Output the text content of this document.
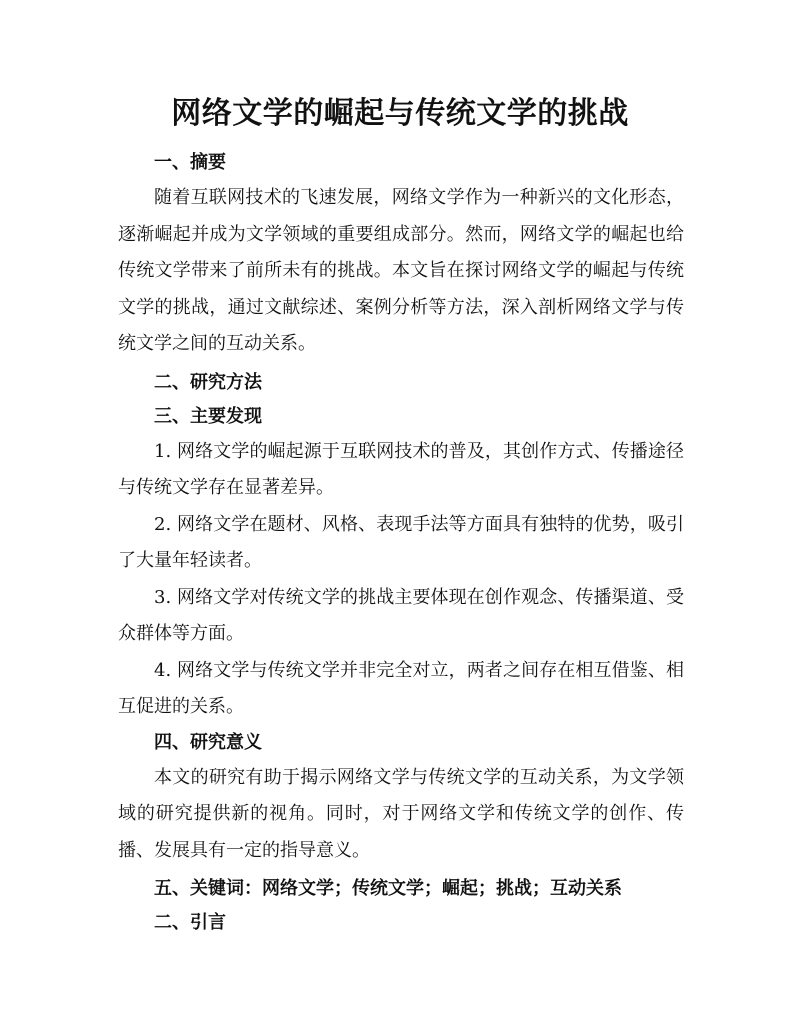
网络文学的崛起与传统文学的挑战

一、摘要

随着互联网技术的飞速发展，网络文学作为一种新兴的文化形态，逐渐崛起并成为文学领域的重要组成部分。然而，网络文学的崛起也给传统文学带来了前所未有的挑战。本文旨在探讨网络文学的崛起与传统文学的挑战，通过文献综述、案例分析等方法，深入剖析网络文学与传统文学之间的互动关系。

二、研究方法

三、主要发现

1. 网络文学的崛起源于互联网技术的普及，其创作方式、传播途径与传统文学存在显著差异。

2. 网络文学在题材、风格、表现手法等方面具有独特的优势，吸引了大量年轻读者。

3. 网络文学对传统文学的挑战主要体现在创作观念、传播渠道、受众群体等方面。

4. 网络文学与传统文学并非完全对立，两者之间存在相互借鉴、相互促进的关系。

四、研究意义

本文的研究有助于揭示网络文学与传统文学的互动关系，为文学领域的研究提供新的视角。同时，对于网络文学和传统文学的创作、传播、发展具有一定的指导意义。

五、关键词：网络文学；传统文学；崛起；挑战；互动关系

二、引言
